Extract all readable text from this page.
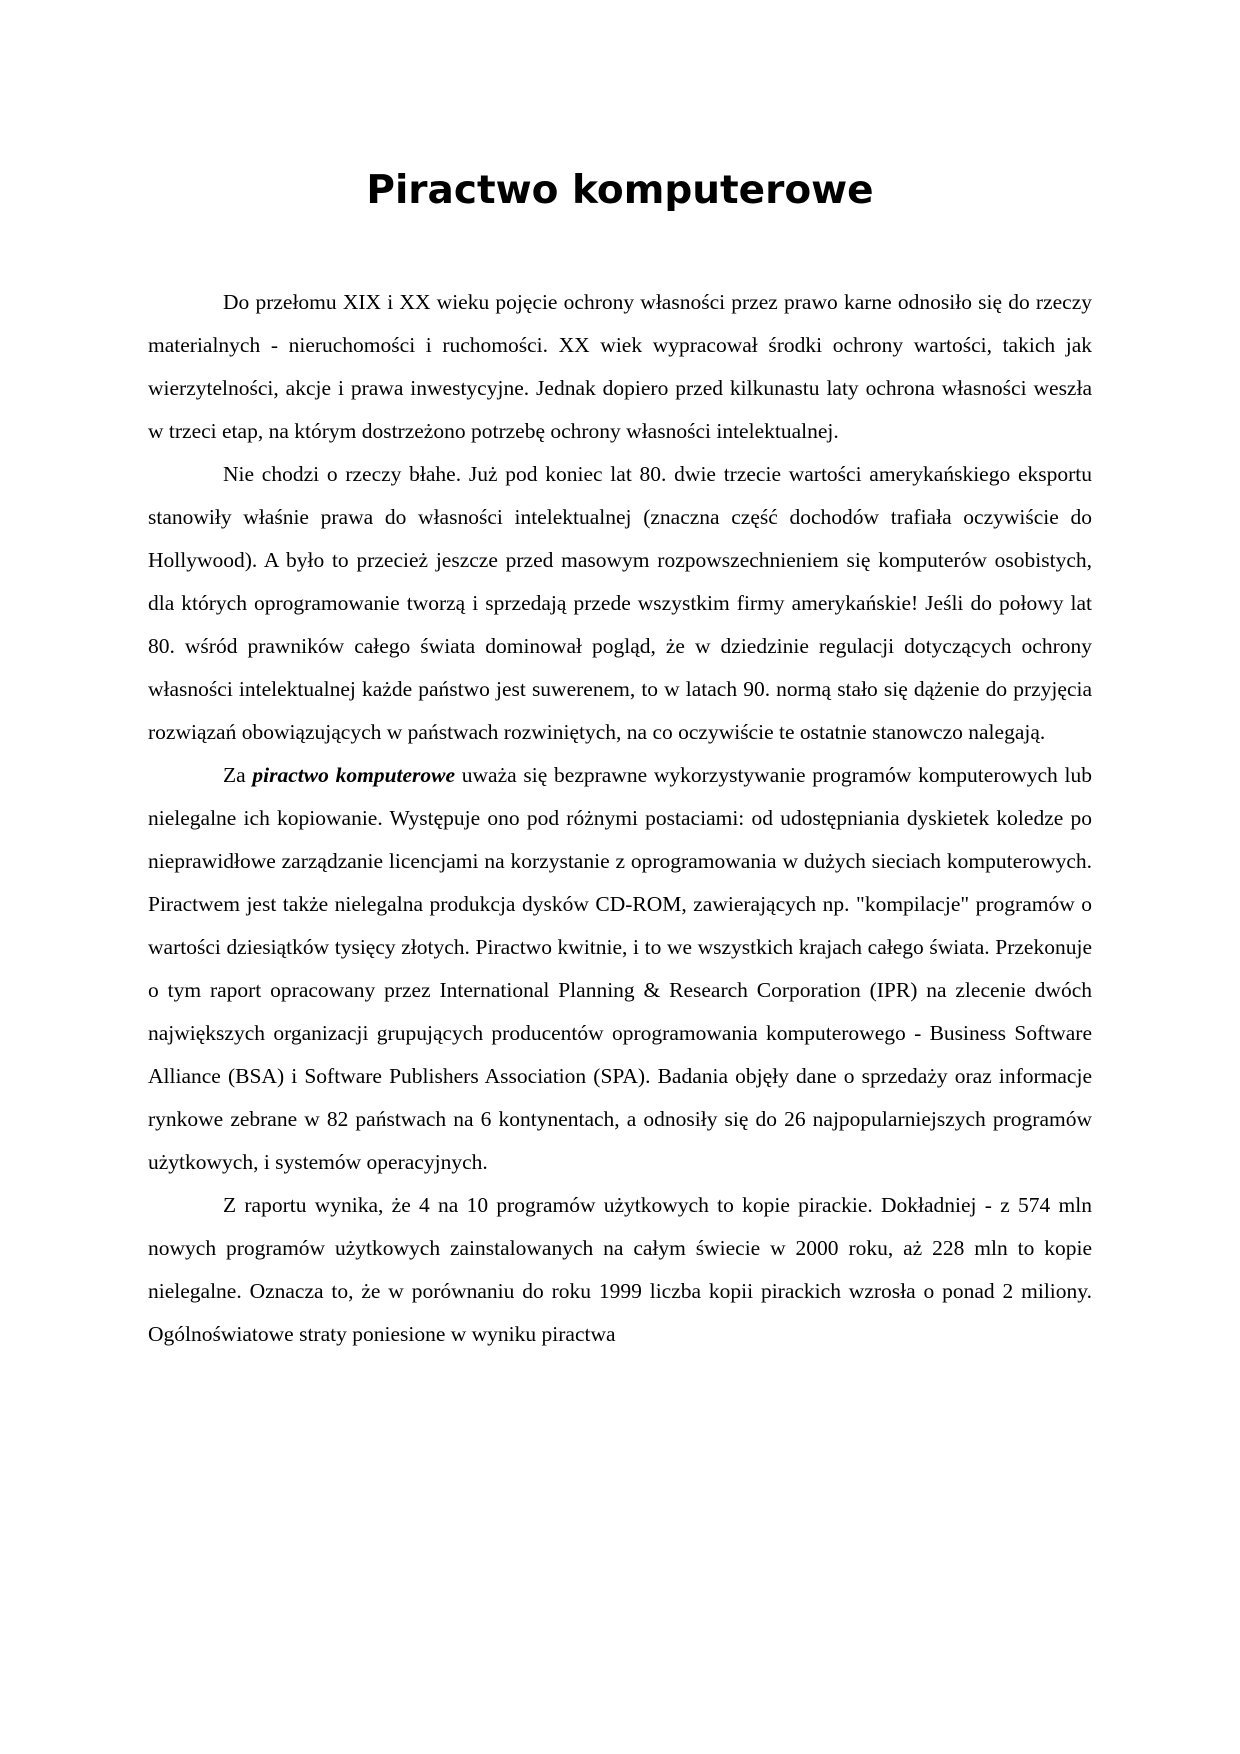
Piractwo komputerowe

Do przełomu XIX i XX wieku pojęcie ochrony własności przez prawo karne odnosiło się do rzeczy materialnych - nieruchomości i ruchomości. XX wiek wypracował środki ochrony wartości, takich jak wierzytelności, akcje i prawa inwestycyjne. Jednak dopiero przed kilkunastu laty ochrona własności weszła w trzeci etap, na którym dostrzeżono potrzebę ochrony własności intelektualnej.

Nie chodzi o rzeczy błahe. Już pod koniec lat 80. dwie trzecie wartości amerykańskiego eksportu stanowiły właśnie prawa do własności intelektualnej (znaczna część dochodów trafiała oczywiście do Hollywood). A było to przecież jeszcze przed masowym rozpowszechnieniem się komputerów osobistych, dla których oprogramowanie tworzą i sprzedają przede wszystkim firmy amerykańskie! Jeśli do połowy lat 80. wśród prawników całego świata dominował pogląd, że w dziedzinie regulacji dotyczących ochrony własności intelektualnej każde państwo jest suwerenem, to w latach 90. normą stało się dążenie do przyjęcia rozwiązań obowiązujących w państwach rozwiniętych, na co oczywiście te ostatnie stanowczo nalegają.

Za piractwo komputerowe uważa się bezprawne wykorzystywanie programów komputerowych lub nielegalne ich kopiowanie. Występuje ono pod różnymi postaciami: od udostępniania dyskietek koledze po nieprawidłowe zarządzanie licencjami na korzystanie z oprogramowania w dużych sieciach komputerowych. Piractwem jest także nielegalna produkcja dysków CD-ROM, zawierających np. "kompilacje" programów o wartości dziesiątków tysięcy złotych. Piractwo kwitnie, i to we wszystkich krajach całego świata. Przekonuje o tym raport opracowany przez International Planning & Research Corporation (IPR) na zlecenie dwóch największych organizacji grupujących producentów oprogramowania komputerowego - Business Software Alliance (BSA) i Software Publishers Association (SPA). Badania objęły dane o sprzedaży oraz informacje rynkowe zebrane w 82 państwach na 6 kontynentach, a odnosiły się do 26 najpopularniejszych programów użytkowych, i systemów operacyjnych.

Z raportu wynika, że 4 na 10 programów użytkowych to kopie pirackie. Dokładniej - z 574 mln nowych programów użytkowych zainstalowanych na całym świecie w 2000 roku, aż 228 mln to kopie nielegalne. Oznacza to, że w porównaniu do roku 1999 liczba kopii pirackich wzrosła o ponad 2 miliony. Ogólnoświatowe straty poniesione w wyniku piractwa
